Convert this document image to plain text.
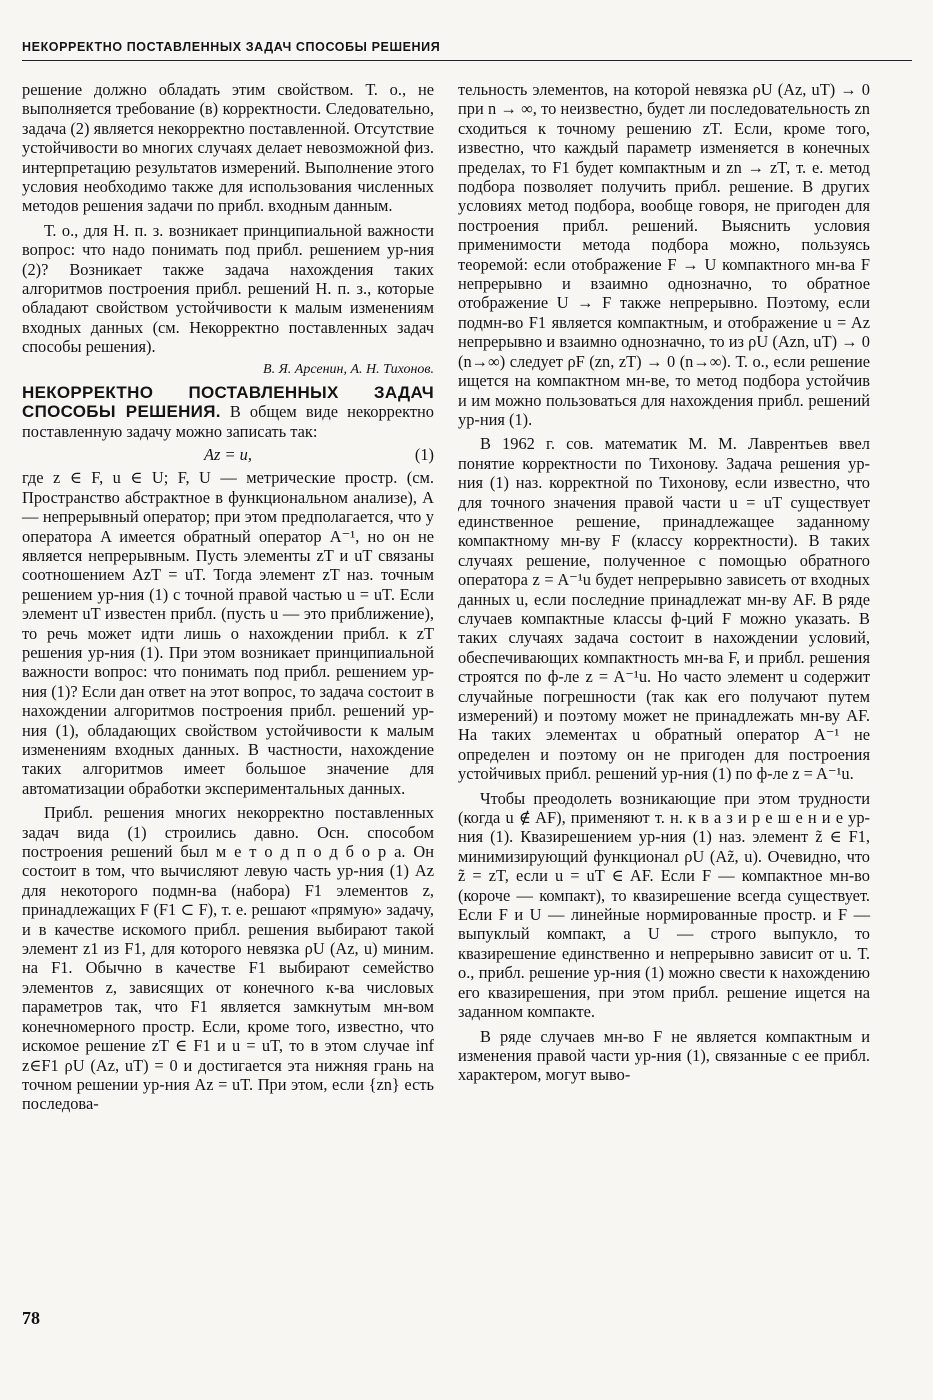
НЕКОРРЕКТНО ПОСТАВЛЕННЫХ ЗАДАЧ СПОСОБЫ РЕШЕНИЯ

решение должно обладать этим свойством. Т. о., не выполняется требование (в) корректности. Следовательно, задача (2) является некорректно поставленной. Отсутствие устойчивости во многих случаях делает невозможной физ. интерпретацию результатов измерений. Выполнение этого условия необходимо также для использования численных методов решения задачи по прибл. входным данным.

Т. о., для Н. п. з. возникает принципиальной важности вопрос: что надо понимать под прибл. решением ур-ния (2)? Возникает также задача нахождения таких алгоритмов построения прибл. решений Н. п. з., которые обладают свойством устойчивости к малым изменениям входных данных (см. Некорректно поставленных задач способы решения).

В. Я. Арсенин, А. Н. Тихонов.

НЕКОРРЕКТНО ПОСТАВЛЕННЫХ ЗАДАЧ СПОСОБЫ РЕШЕНИЯ. В общем виде некорректно поставленную задачу можно записать так:

Az = u,	(1)

где z ∈ F, u ∈ U; F, U — метрические простр. (см. Пространство абстрактное в функциональном анализе), A — непрерывный оператор; при этом предполагается, что у оператора A имеется обратный оператор A⁻¹, но он не является непрерывным. Пусть элементы zT и uT связаны соотношением AzT = uT. Тогда элемент zT наз. точным решением ур-ния (1) с точной правой частью u = uT. Если элемент uT известен прибл. (пусть u — это приближение), то речь может идти лишь о нахождении прибл. к zT решения ур-ния (1). При этом возникает принципиальной важности вопрос: что понимать под прибл. решением ур-ния (1)? Если дан ответ на этот вопрос, то задача состоит в нахождении алгоритмов построения прибл. решений ур-ния (1), обладающих свойством устойчивости к малым изменениям входных данных. В частности, нахождение таких алгоритмов имеет большое значение для автоматизации обработки экспериментальных данных.

Прибл. решения многих некорректно поставленных задач вида (1) строились давно. Осн. способом построения решений был м е т о д п о д б о р а. Он состоит в том, что вычисляют левую часть ур-ния (1) Az для некоторого подмн-ва (набора) F1 элементов z, принадлежащих F (F1 ⊂ F), т. е. решают «прямую» задачу, и в качестве искомого прибл. решения выбирают такой элемент z1 из F1, для которого невязка ρU (Az, u) миним. на F1. Обычно в качестве F1 выбирают семейство элементов z, зависящих от конечного к-ва числовых параметров так, что F1 является замкнутым мн-вом конечномерного простр. Если, кроме того, известно, что искомое решение zT ∈ F1 и u = uT, то в этом случае inf z∈F1 ρU (Az, uT) = 0 и достигается эта нижняя грань на точном решении ур-ния Az = uT. При этом, если {zn} есть последова-

тельность элементов, на которой невязка ρU (Az, uT) → 0 при n → ∞, то неизвестно, будет ли последовательность zn сходиться к точному решению zT. Если, кроме того, известно, что каждый параметр изменяется в конечных пределах, то F1 будет компактным и zn → zT, т. е. метод подбора позволяет получить прибл. решение. В других условиях метод подбора, вообще говоря, не пригоден для построения прибл. решений. Выяснить условия применимости метода подбора можно, пользуясь теоремой: если отображение F → U компактного мн-ва F непрерывно и взаимно однозначно, то обратное отображение U → F также непрерывно. Поэтому, если подмн-во F1 является компактным, и отображение u = Az непрерывно и взаимно однозначно, то из ρU (Azn, uT) → 0 (n→∞) следует ρF (zn, zT) → 0 (n→∞). Т. о., если решение ищется на компактном мн-ве, то метод подбора устойчив и им можно пользоваться для нахождения прибл. решений ур-ния (1).

В 1962 г. сов. математик М. М. Лаврентьев ввел понятие корректности по Тихонову. Задача решения ур-ния (1) наз. корректной по Тихонову, если известно, что для точного значения правой части u = uT существует единственное решение, принадлежащее заданному компактному мн-ву F (классу корректности). В таких случаях решение, полученное с помощью обратного оператора z = A⁻¹u будет непрерывно зависеть от входных данных u, если последние принадлежат мн-ву AF. В ряде случаев компактные классы ф-ций F можно указать. В таких случаях задача состоит в нахождении условий, обеспечивающих компактность мн-ва F, и прибл. решения строятся по ф-ле z = A⁻¹u. Но часто элемент u содержит случайные погрешности (так как его получают путем измерений) и поэтому может не принадлежать мн-ву AF. На таких элементах u обратный оператор A⁻¹ не определен и поэтому он не пригоден для построения устойчивых прибл. решений ур-ния (1) по ф-ле z = A⁻¹u.

Чтобы преодолеть возникающие при этом трудности (когда u ∉ AF), применяют т. н. к в а з и р е ш е н и е ур-ния (1). Квазирешением ур-ния (1) наз. элемент z̃ ∈ F1, минимизирующий функционал ρU (Az̃, u). Очевидно, что z̃ = zT, если u = uT ∈ AF. Если F — компактное мн-во (короче — компакт), то квазирешение всегда существует. Если F и U — линейные нормированные простр. и F — выпуклый компакт, а U — строго выпукло, то квазирешение единственно и непрерывно зависит от u. Т. о., прибл. решение ур-ния (1) можно свести к нахождению его квазирешения, при этом прибл. решение ищется на заданном компакте.

В ряде случаев мн-во F не является компактным и изменения правой части ур-ния (1), связанные с ее прибл. характером, могут выво-

78
